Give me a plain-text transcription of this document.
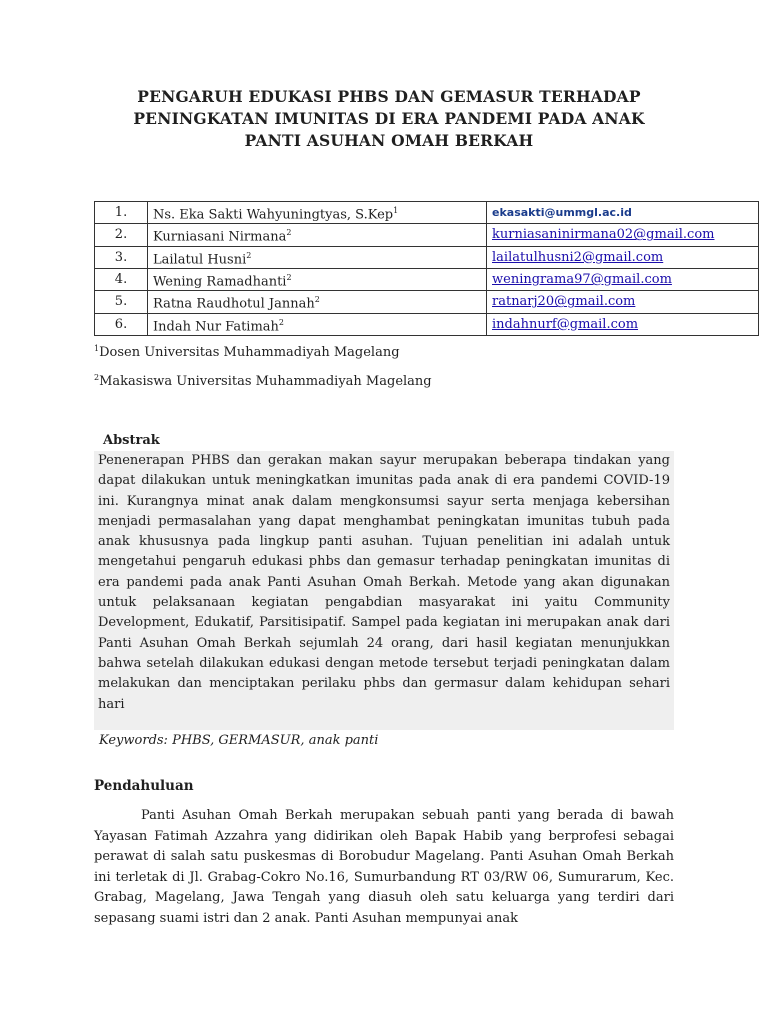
PENGARUH EDUKASI PHBS DAN GEMASUR TERHADAP
PENINGKATAN IMUNITAS DI ERA PANDEMI PADA ANAK
PANTI ASUHAN OMAH BERKAH
1.	Ns. Eka Sakti Wahyuningtyas, S.Kep$^1$	ekasakti@ummgl.ac.id
2.	Kurniasani Nirmana$^2$	kurniasaninirmana02@gmail.com
3.	Lailatul Husni$^2$	lailatulhusni2@gmail.com
4.	Wening Ramadhanti$^2$	weningrama97@gmail.com
5.	Ratna Raudhotul Jannah$^2$	ratnarj20@gmail.com
6.	Indah Nur Fatimah$^2$	indahnurf@gmail.com
$^1$Dosen Universitas Muhammadiyah Magelang
$^2$Makasiswa Universitas Muhammadiyah Magelang
Abstrak

Penenerapan PHBS dan gerakan makan sayur merupakan beberapa tindakan yang dapat dilakukan untuk meningkatkan imunitas pada anak di era pandemi COVID-19 ini. Kurangnya minat anak dalam mengkonsumsi sayur serta menjaga kebersihan menjadi permasalahan yang dapat menghambat peningkatan imunitas tubuh pada anak khususnya pada lingkup panti asuhan. Tujuan penelitian ini adalah untuk mengetahui pengaruh edukasi phbs dan gemasur terhadap peningkatan imunitas di era pandemi pada anak Panti Asuhan Omah Berkah. Metode yang akan digunakan untuk pelaksanaan kegiatan pengabdian masyarakat ini yaitu Community Development, Edukatif, Parsitisipatif. Sampel pada kegiatan ini merupakan anak dari Panti Asuhan Omah Berkah sejumlah 24 orang, dari hasil kegiatan menunjukkan bahwa setelah dilakukan edukasi dengan metode tersebut terjadi peningkatan dalam melakukan dan menciptakan perilaku phbs dan germasur dalam kehidupan sehari hari

Keywords: PHBS, GERMASUR, anak panti
Pendahuluan

Panti Asuhan Omah Berkah merupakan sebuah panti yang berada di bawah Yayasan Fatimah Azzahra yang didirikan oleh Bapak Habib yang berprofesi sebagai perawat di salah satu puskesmas di Borobudur Magelang. Panti Asuhan Omah Berkah ini terletak di Jl. Grabag-Cokro No.16, Sumurbandung RT 03/RW 06, Sumurarum, Kec. Grabag, Magelang, Jawa Tengah yang diasuh oleh satu keluarga yang terdiri dari sepasang suami istri dan 2 anak. Panti Asuhan mempunyai anak
